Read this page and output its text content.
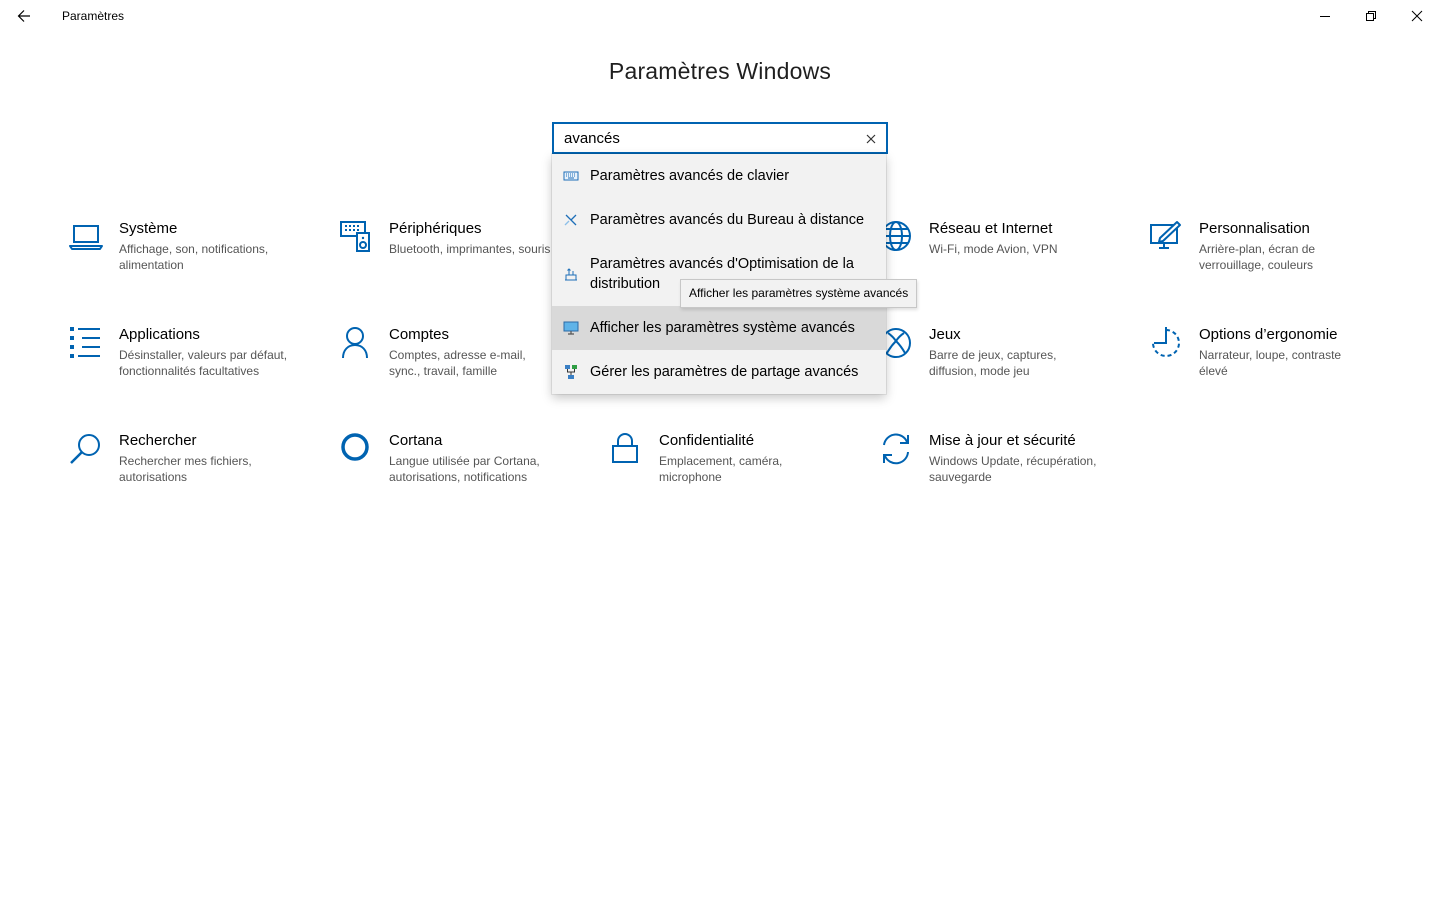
Paramètres
Paramètres Windows
avancés
Système
Affichage, son, notifications, alimentation
Périphériques
Bluetooth, imprimantes, souris
Réseau et Internet
Wi-Fi, mode Avion, VPN
Personnalisation
Arrière-plan, écran de verrouillage, couleurs
Applications
Désinstaller, valeurs par défaut, fonctionnalités facultatives
Comptes
Comptes, adresse e-mail, sync., travail, famille
Jeux
Barre de jeux, captures, diffusion, mode jeu
Options d’ergonomie
Narrateur, loupe, contraste élevé
Rechercher
Rechercher mes fichiers, autorisations
Cortana
Langue utilisée par Cortana, autorisations, notifications
Confidentialité
Emplacement, caméra, microphone
Mise à jour et sécurité
Windows Update, récupération, sauvegarde
Paramètres avancés de clavier
Paramètres avancés du Bureau à distance
Paramètres avancés d'Optimisation de la distribution
Afficher les paramètres système avancés
Gérer les paramètres de partage avancés
Afficher les paramètres système avancés
